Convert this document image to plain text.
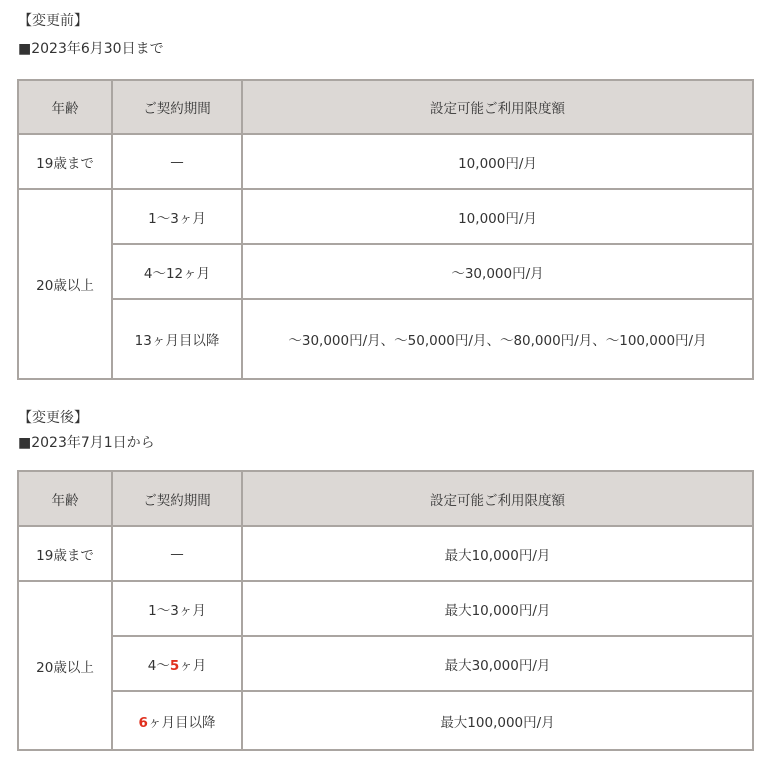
【変更前】
■2023年6月30日まで
年齢	ご契約期間	設定可能ご利用限度額
19歳まで	—	10,000円/月
20歳以上	1〜3ヶ月	10,000円/月
	4〜12ヶ月	〜30,000円/月
	13ヶ月目以降	〜30,000円/月、〜50,000円/月、〜80,000円/月、〜100,000円/月
【変更後】
■2023年7月1日から
年齢	ご契約期間	設定可能ご利用限度額
19歳まで	—	最大10,000円/月
20歳以上	1〜3ヶ月	最大10,000円/月
	4〜5ヶ月	最大30,000円/月
	6ヶ月目以降	最大100,000円/月
